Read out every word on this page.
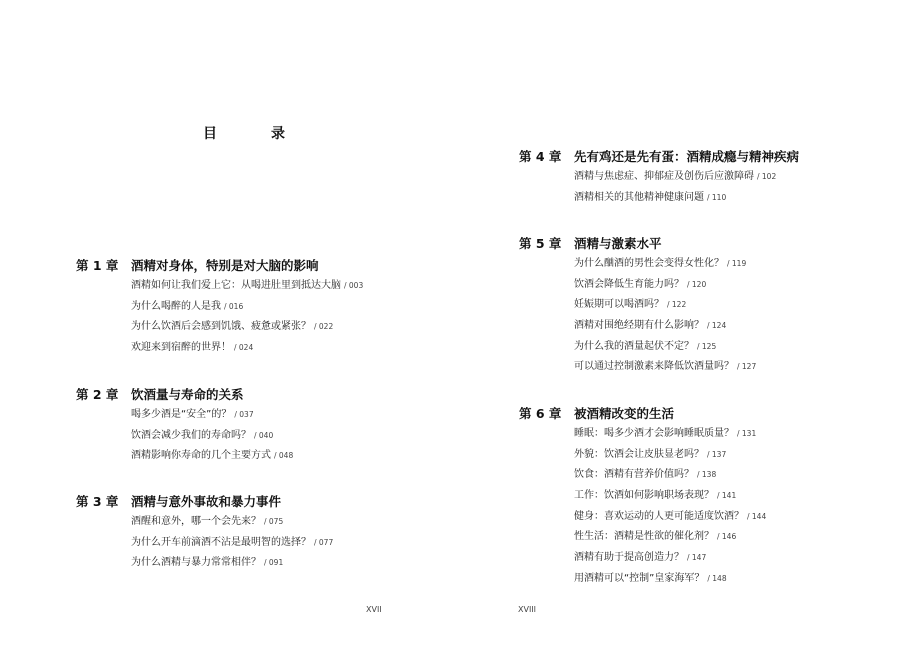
目　录
第 1 章	酒精对身体，特别是对大脑的影响
酒精如何让我们爱上它：从喝进肚里到抵达大脑 / 003
为什么喝醉的人是我 / 016
为什么饮酒后会感到饥饿、疲惫或紧张？ / 022
欢迎来到宿醉的世界！ / 024
第 2 章	饮酒量与寿命的关系
喝多少酒是“安全”的？ / 037
饮酒会减少我们的寿命吗？ / 040
酒精影响你寿命的几个主要方式 / 048
第 3 章	酒精与意外事故和暴力事件
酒醒和意外，哪一个会先来？ / 075
为什么开车前滴酒不沾是最明智的选择？ / 077
为什么酒精与暴力常常相伴？ / 091
XVII
第 4 章	先有鸡还是先有蛋：酒精成瘾与精神疾病
酒精与焦虑症、抑郁症及创伤后应激障碍 / 102
酒精相关的其他精神健康问题 / 110
第 5 章	酒精与激素水平
为什么酗酒的男性会变得女性化？ / 119
饮酒会降低生育能力吗？ / 120
妊娠期可以喝酒吗？ / 122
酒精对围绝经期有什么影响？ / 124
为什么我的酒量起伏不定？ / 125
可以通过控制激素来降低饮酒量吗？ / 127
第 6 章	被酒精改变的生活
睡眠：喝多少酒才会影响睡眠质量？ / 131
外貌：饮酒会让皮肤显老吗？ / 137
饮食：酒精有营养价值吗？ / 138
工作：饮酒如何影响职场表现？ / 141
健身：喜欢运动的人更可能适度饮酒？ / 144
性生活：酒精是性欲的催化剂？ / 146
酒精有助于提高创造力？ / 147
用酒精可以“控制”皇家海军？ / 148
XVIII
